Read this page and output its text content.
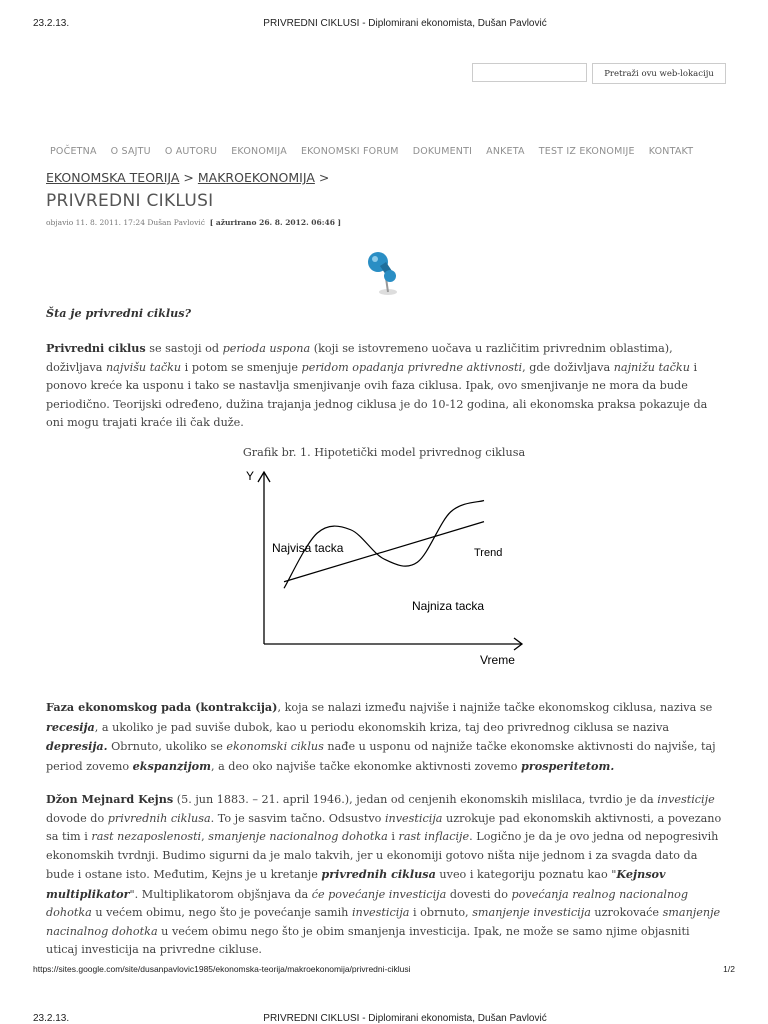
23.2.13.	PRIVREDNI CIKLUSI - Diplomirani ekonomista, Dušan Pavlović
Pretraži ovu web-lokaciju
POČETNA O SAJTU O AUTORU EKONOMIJA EKONOMSKI FORUM DOKUMENTI ANKETA TEST IZ EKONOMIJE KONTAKT
EKONOMSKA TEORIJA > MAKROEKONOMIJA >
PRIVREDNI CIKLUSI
objavio 11. 8. 2011. 17:24 Dušan Pavlović [ ažurirano 26. 8. 2012. 06:46 ]
Šta je privredni ciklus?
Privredni ciklus se sastoji od perioda uspona (koji se istovremeno uočava u različitim privrednim oblastima), doživljava najvišu tačku i potom se smenjuje peridom opadanja privredne aktivnosti, gde doživljava najnižu tačku i ponovo kreće ka usponu i tako se nastavlja smenjivanje ovih faza ciklusa. Ipak, ovo smenjivanje ne mora da bude periodično. Teorijski određeno, dužina trajanja jednog ciklusa je do 10-12 godina, ali ekonomska praksa pokazuje da oni mogu trajati kraće ili čak duže.
Grafik br. 1. Hipotetički model privrednog ciklusa
Y
Vreme
Najvisa tacka
Najniza tacka
Trend
Faza ekonomskog pada (kontrakcija), koja se nalazi između najviše i najniže tačke ekonomskog ciklusa, naziva se recesija, a ukoliko je pad suviše dubok, kao u periodu ekonomskih kriza, taj deo privrednog ciklusa se naziva depresija. Obrnuto, ukoliko se ekonomski ciklus nađe u usponu od najniže tačke ekonomske aktivnosti do najviše, taj period zovemo ekspanzijom, a deo oko najviše tačke ekonomke aktivnosti zovemo prosperitetom.
Džon Mejnard Kejns (5. jun 1883. – 21. april 1946.), jedan od cenjenih ekonomskih mislilaca, tvrdio je da investicije dovode do privrednih ciklusa. To je sasvim tačno. Odsustvo investicija uzrokuje pad ekonomskih aktivnosti, a povezano sa tim i rast nezaposlenosti, smanjenje nacionalnog dohotka i rast inflacije. Logično je da je ovo jedna od nepogresivih ekonomskih tvrdnji. Budimo sigurni da je malo takvih, jer u ekonomiji gotovo ništa nije jednom i za svagda dato da bude i ostane isto. Međutim, Kejns je u kretanje privrednih ciklusa uveo i kategoriju poznatu kao "Kejnsov multiplikator". Multiplikatorom objšnjava da će povećanje investicija dovesti do povećanja realnog nacionalnog dohotka u većem obimu, nego što je povećanje samih investicija i obrnuto, smanjenje investicija uzrokovaće smanjenje nacinalnog dohotka u većem obimu nego što je obim smanjenja investicija. Ipak, ne može se samo njime objasniti uticaj investicija na privredne cikluse.
https://sites.google.com/site/dusanpavlovic1985/ekonomska-teorija/makroekonomija/privredni-ciklusi	1/2
23.2.13.	PRIVREDNI CIKLUSI - Diplomirani ekonomista, Dušan Pavlović
